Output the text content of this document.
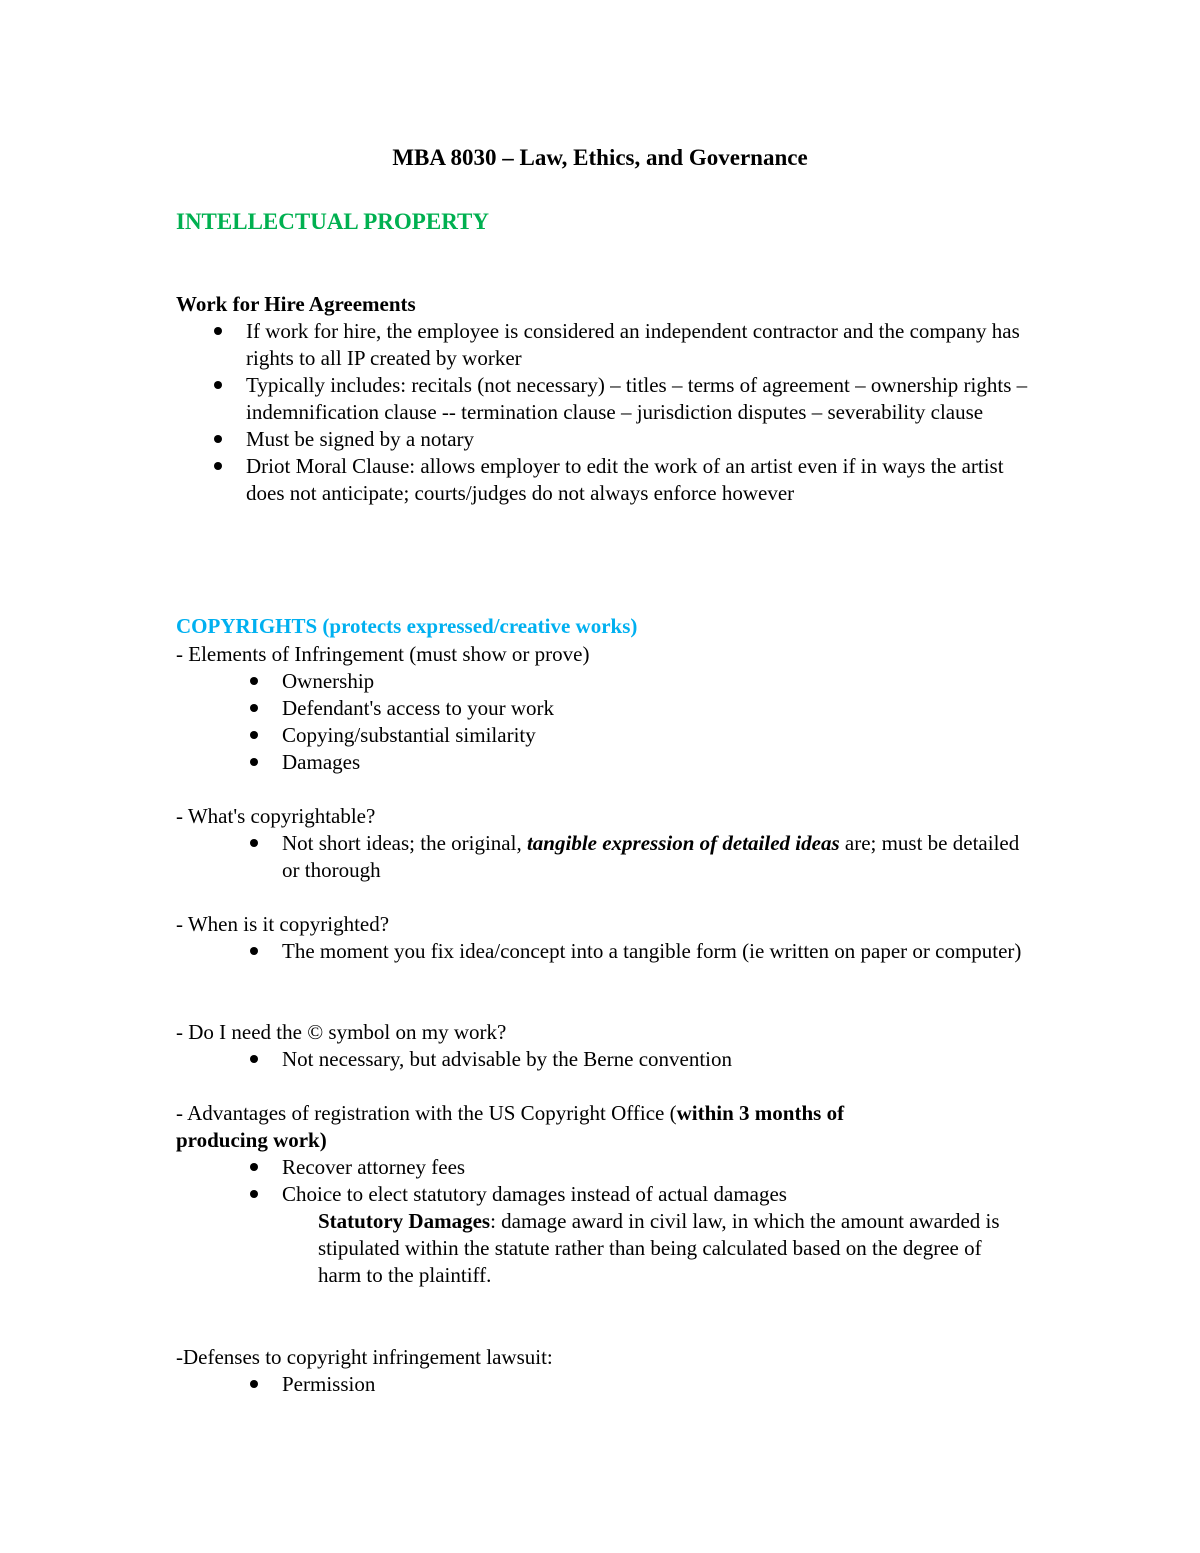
MBA 8030 – Law, Ethics, and Governance
INTELLECTUAL PROPERTY

Work for Hire Agreements

If work for hire, the employee is considered an independent contractor and the company has rights to all IP created by worker
Typically includes: recitals (not necessary) – titles – terms of agreement – ownership rights – indemnification clause -- termination clause – jurisdiction disputes – severability clause
Must be signed by a notary
Driot Moral Clause: allows employer to edit the work of an artist even if in ways the artist does not anticipate; courts/judges do not always enforce however
COPYRIGHTS (protects expressed/creative works)

- Elements of Infringement (must show or prove)

Ownership
Defendant's access to your work
Copying/substantial similarity
Damages

- What's copyrightable?

Not short ideas; the original, tangible expression of detailed ideas are; must be detailed or thorough

- When is it copyrighted?

The moment you fix idea/concept into a tangible form (ie written on paper or computer)

- Do I need the © symbol on my work?

Not necessary, but advisable by the Berne convention

- Advantages of registration with the US Copyright Office (within 3 months of

producing work)

Recover attorney fees
Choice to elect statutory damages instead of actual damages

Statutory Damages: damage award in civil law, in which the amount awarded is stipulated within the statute rather than being calculated based on the degree of harm to the plaintiff.

-Defenses to copyright infringement lawsuit:

Permission
